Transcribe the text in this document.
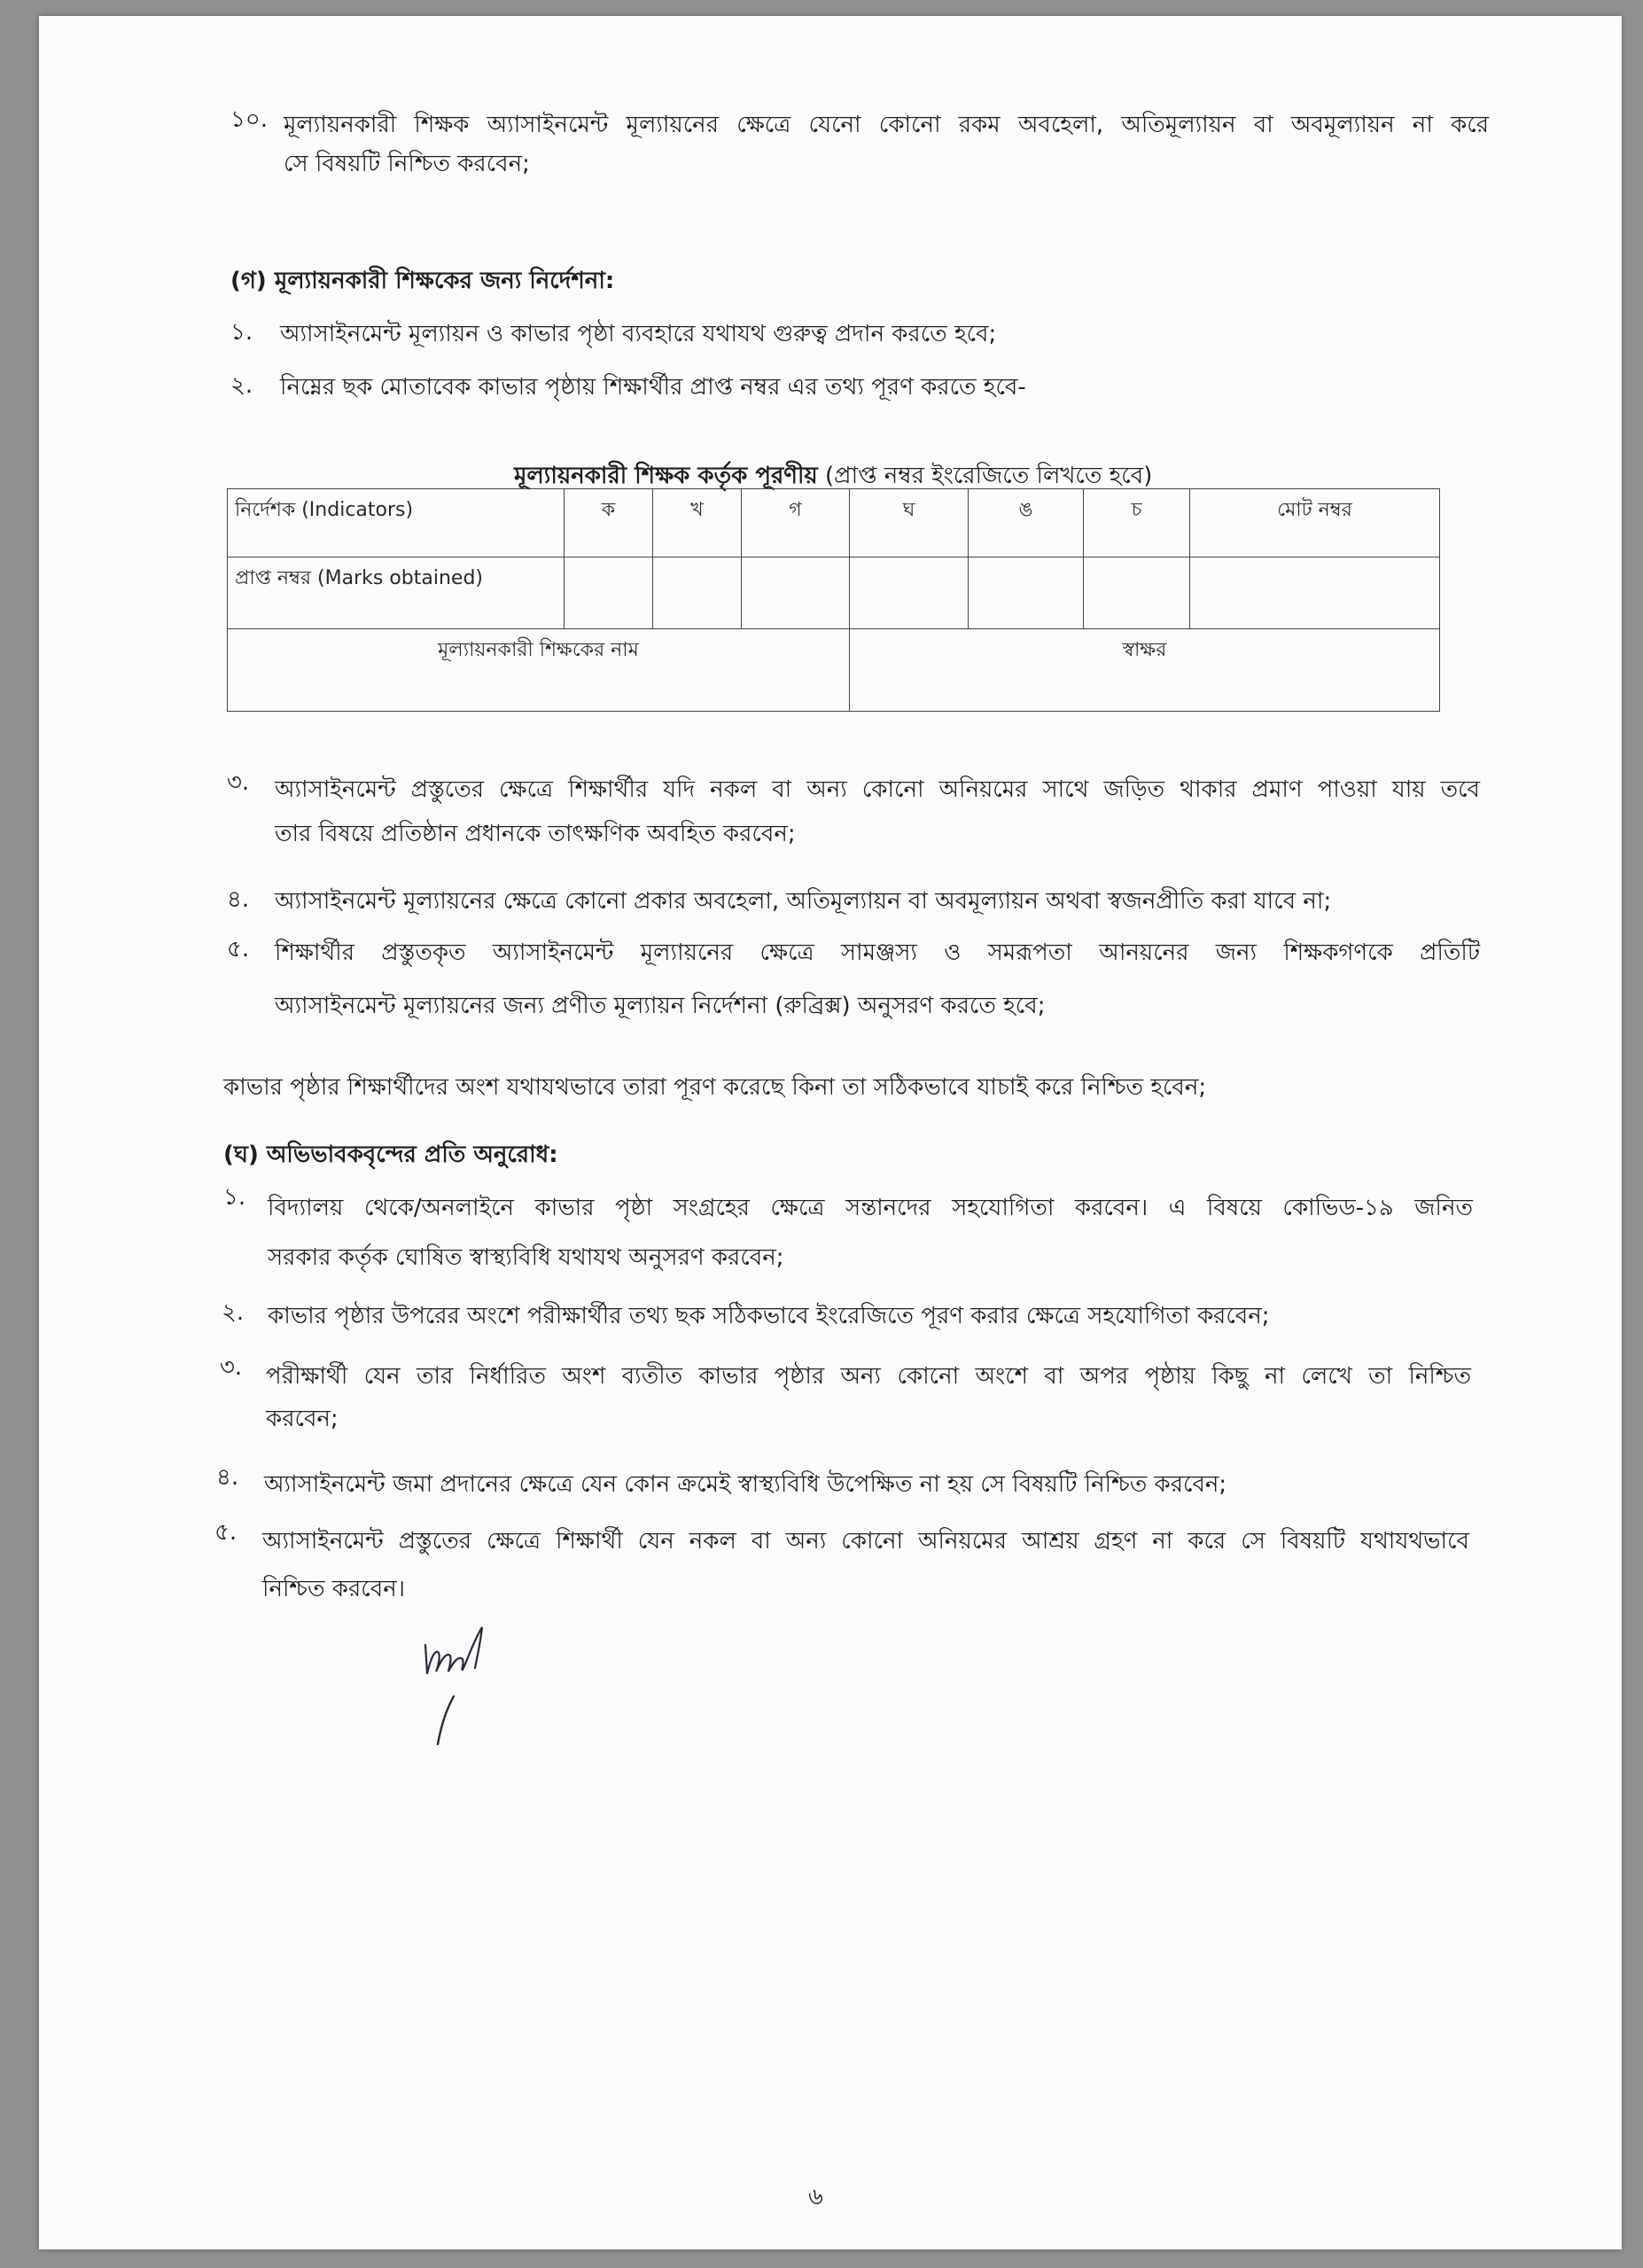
১০. মূল্যায়নকারী শিক্ষক অ্যাসাইনমেন্ট মূল্যায়নের ক্ষেত্রে যেনো কোনো রকম অবহেলা, অতিমূল্যায়ন বা অবমূল্যায়ন না করে
সে বিষয়টি নিশ্চিত করবেন;
(গ) মূল্যায়নকারী শিক্ষকের জন্য নির্দেশনা:
১. অ্যাসাইনমেন্ট মূল্যায়ন ও কাভার পৃষ্ঠা ব্যবহারে যথাযথ গুরুত্ব প্রদান করতে হবে;
২. নিম্নের ছক মোতাবেক কাভার পৃষ্ঠায় শিক্ষার্থীর প্রাপ্ত নম্বর এর তথ্য পূরণ করতে হবে-
মূল্যায়নকারী শিক্ষক কর্তৃক পূরণীয় (প্রাপ্ত নম্বর ইংরেজিতে লিখতে হবে)
নির্দেশক (Indicators)	ক	খ	গ	ঘ	ঙ	চ	মোট নম্বর
প্রাপ্ত নম্বর (Marks obtained)							
মূল্যায়নকারী শিক্ষকের নাম				স্বাক্ষর			
৩. অ্যাসাইনমেন্ট প্রস্তুতের ক্ষেত্রে শিক্ষার্থীর যদি নকল বা অন্য কোনো অনিয়মের সাথে জড়িত থাকার প্রমাণ পাওয়া যায় তবে
তার বিষয়ে প্রতিষ্ঠান প্রধানকে তাৎক্ষণিক অবহিত করবেন;
৪. অ্যাসাইনমেন্ট মূল্যায়নের ক্ষেত্রে কোনো প্রকার অবহেলা, অতিমূল্যায়ন বা অবমূল্যায়ন অথবা স্বজনপ্রীতি করা যাবে না;
৫. শিক্ষার্থীর প্রস্তুতকৃত অ্যাসাইনমেন্ট মূল্যায়নের ক্ষেত্রে সামঞ্জস্য ও সমরূপতা আনয়নের জন্য শিক্ষকগণকে প্রতিটি
অ্যাসাইনমেন্ট মূল্যায়নের জন্য প্রণীত মূল্যায়ন নির্দেশনা (রুব্রিক্স) অনুসরণ করতে হবে;
কাভার পৃষ্ঠার শিক্ষার্থীদের অংশ যথাযথভাবে তারা পূরণ করেছে কিনা তা সঠিকভাবে যাচাই করে নিশ্চিত হবেন;
(ঘ) অভিভাবকবৃন্দের প্রতি অনুরোধ:
১. বিদ্যালয় থেকে/অনলাইনে কাভার পৃষ্ঠা সংগ্রহের ক্ষেত্রে সন্তানদের সহযোগিতা করবেন। এ বিষয়ে কোভিড-১৯ জনিত
সরকার কর্তৃক ঘোষিত স্বাস্থ্যবিধি যথাযথ অনুসরণ করবেন;
২. কাভার পৃষ্ঠার উপরের অংশে পরীক্ষার্থীর তথ্য ছক সঠিকভাবে ইংরেজিতে পূরণ করার ক্ষেত্রে সহযোগিতা করবেন;
৩. পরীক্ষার্থী যেন তার নির্ধারিত অংশ ব্যতীত কাভার পৃষ্ঠার অন্য কোনো অংশে বা অপর পৃষ্ঠায় কিছু না লেখে তা নিশ্চিত
করবেন;
৪. অ্যাসাইনমেন্ট জমা প্রদানের ক্ষেত্রে যেন কোন ক্রমেই স্বাস্থ্যবিধি উপেক্ষিত না হয় সে বিষয়টি নিশ্চিত করবেন;
৫. অ্যাসাইনমেন্ট প্রস্তুতের ক্ষেত্রে শিক্ষার্থী যেন নকল বা অন্য কোনো অনিয়মের আশ্রয় গ্রহণ না করে সে বিষয়টি যথাযথভাবে
নিশ্চিত করবেন।
৬
